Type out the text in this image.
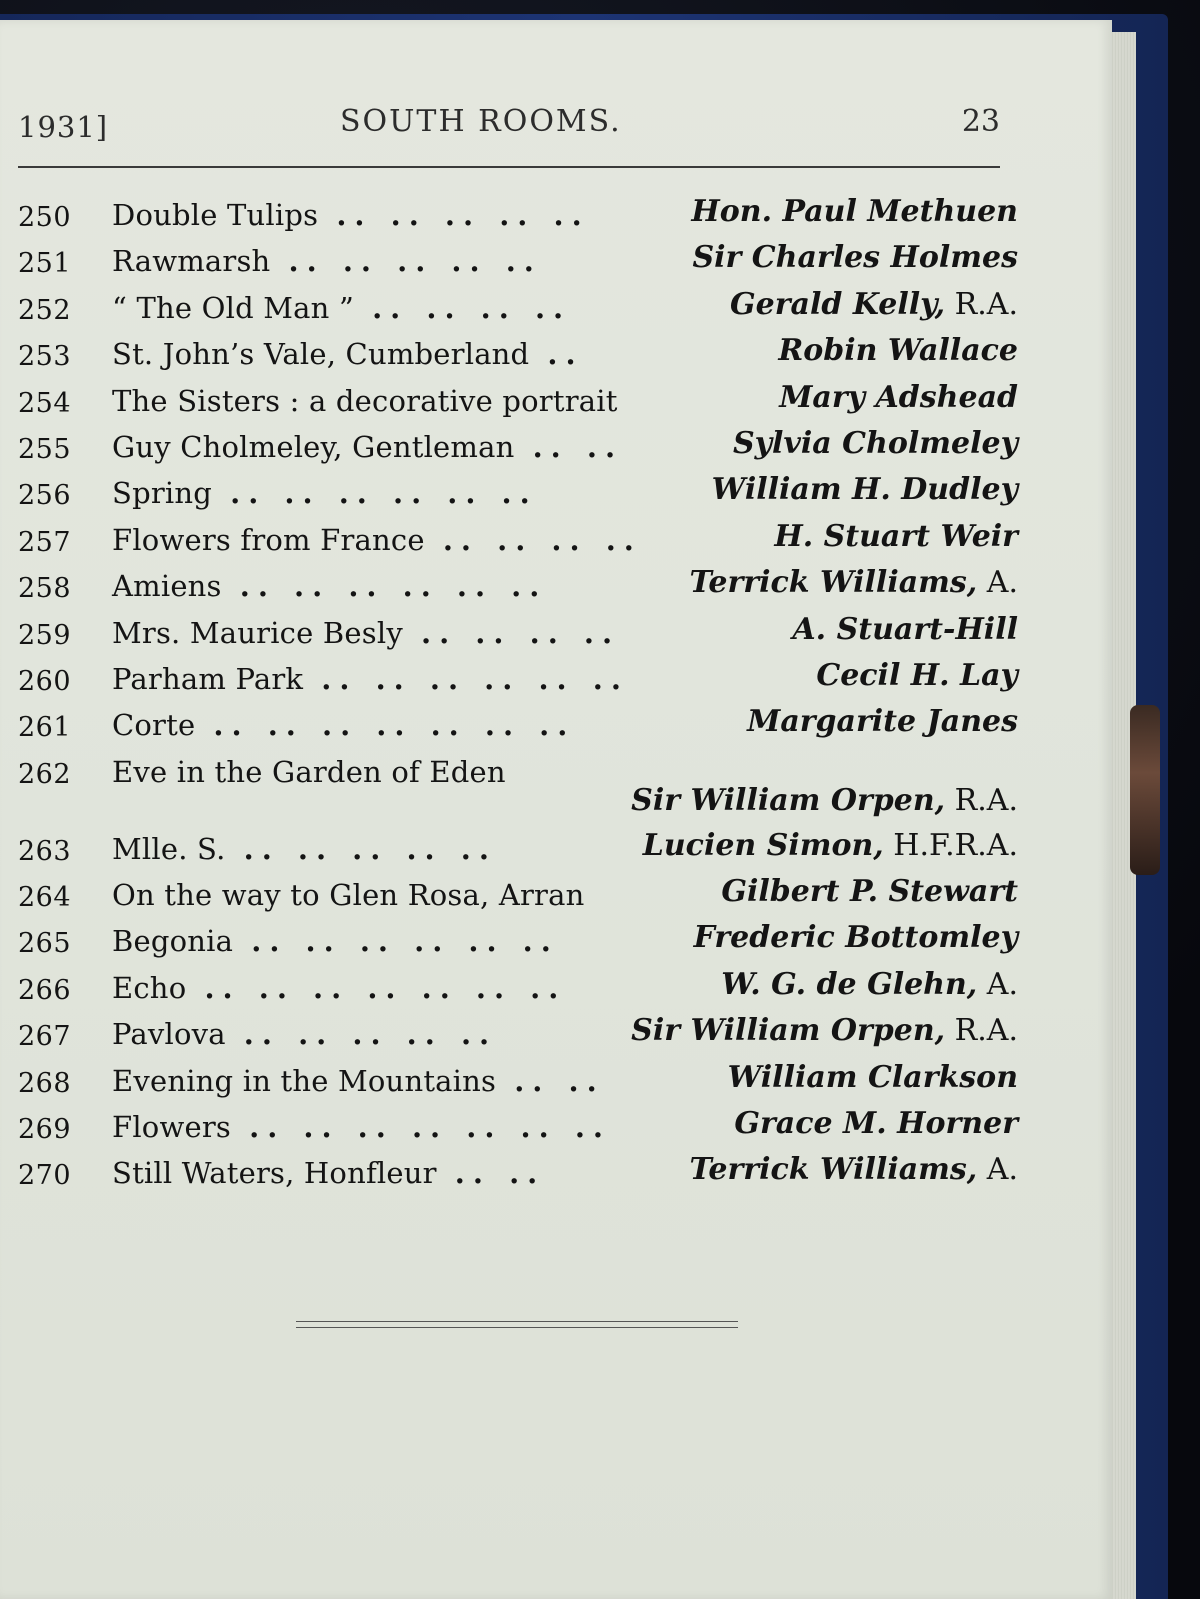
1931]	SOUTH ROOMS.	23
250 Double Tulips .. .. .. .. ..	Hon. Paul Methuen
251 Rawmarsh .. .. .. .. ..	Sir Charles Holmes
252 “ The Old Man ” .. .. .. ..	Gerald Kelly, R.A.
253 St. John’s Vale, Cumberland ..	Robin Wallace
254 The Sisters : a decorative portrait	Mary Adshead
255 Guy Cholmeley, Gentleman .. ..	Sylvia Cholmeley
256 Spring .. .. .. .. .. ..	William H. Dudley
257 Flowers from France .. .. .. ..	H. Stuart Weir
258 Amiens .. .. .. .. .. ..	Terrick Williams, A.
259 Mrs. Maurice Besly .. .. .. ..	A. Stuart-Hill
260 Parham Park .. .. .. .. .. ..	Cecil H. Lay
261 Corte .. .. .. .. .. .. ..	Margarite Janes
262 Eve in the Garden of Eden
Sir William Orpen, R.A.
263 Mlle. S. .. .. .. .. ..	Lucien Simon, H.F.R.A.
264 On the way to Glen Rosa, Arran	Gilbert P. Stewart
265 Begonia .. .. .. .. .. ..	Frederic Bottomley
266 Echo .. .. .. .. .. .. ..	W. G. de Glehn, A.
267 Pavlova .. .. .. .. ..	Sir William Orpen, R.A.
268 Evening in the Mountains .. ..	William Clarkson
269 Flowers .. .. .. .. .. .. ..	Grace M. Horner
270 Still Waters, Honfleur .. ..	Terrick Williams, A.
